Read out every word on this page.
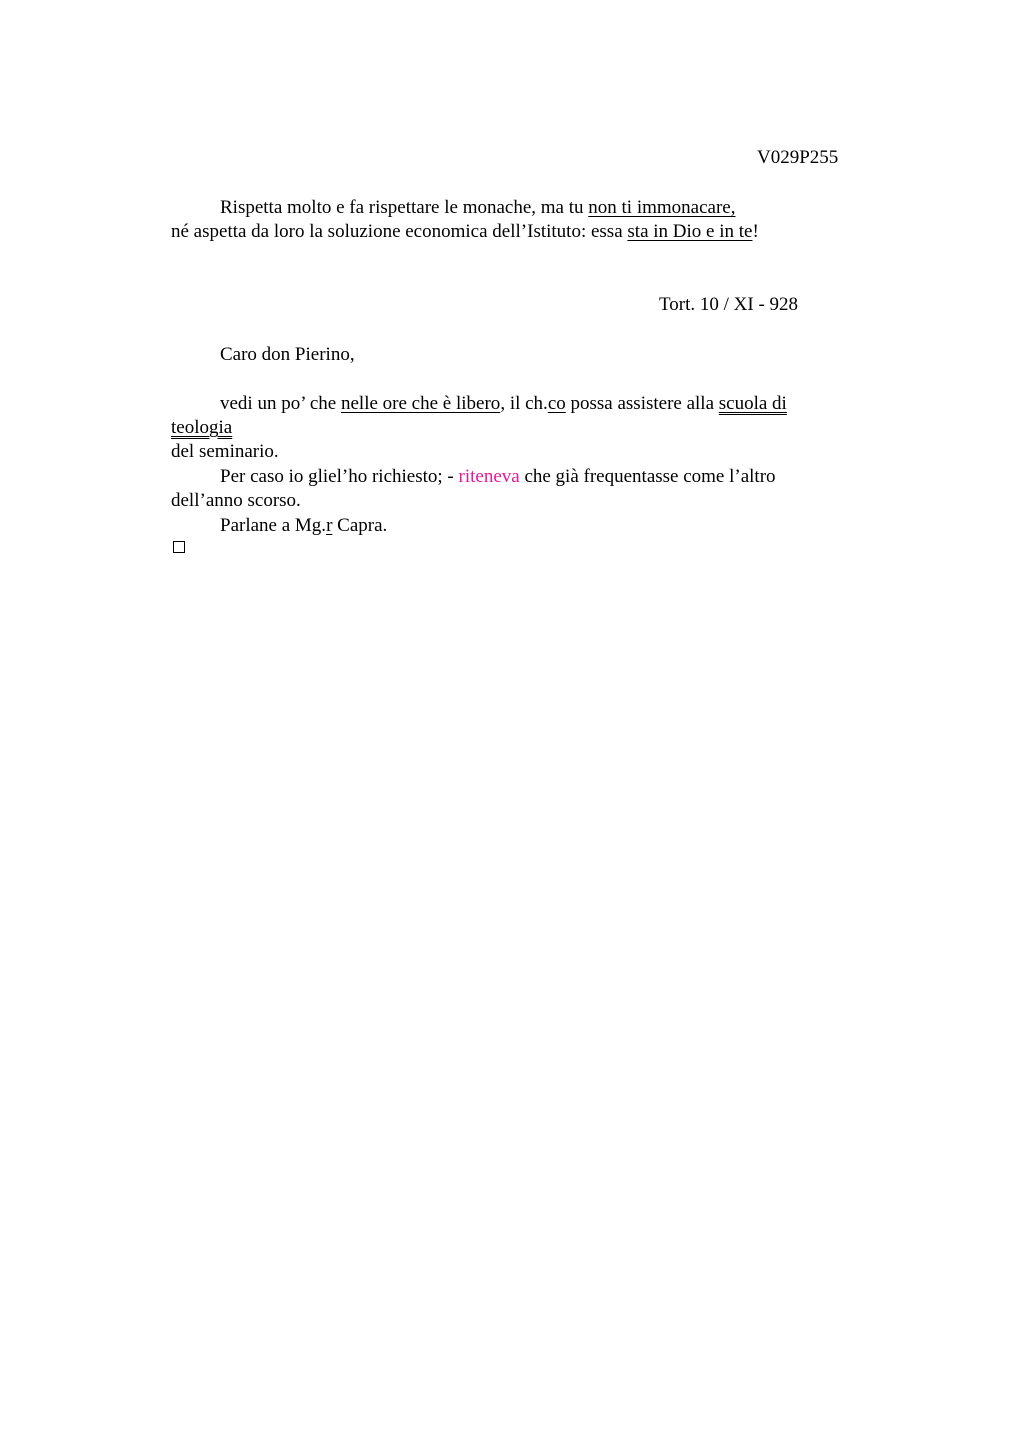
V029P255

Rispetta molto e fa rispettare le monache, ma tu non ti immonacare,

né aspetta da loro la soluzione economica dell’Istituto: essa sta in Dio e in te!

Tort. 10 / XI - 928

Caro don Pierino,

vedi un po’ che nelle ore che è libero, il ch.co possa assistere alla scuola di

teologia

del seminario.

Per caso io gliel’ho richiesto; - riteneva che già frequentasse come l’altro

dell’anno scorso.

Parlane a Mg.r Capra.
